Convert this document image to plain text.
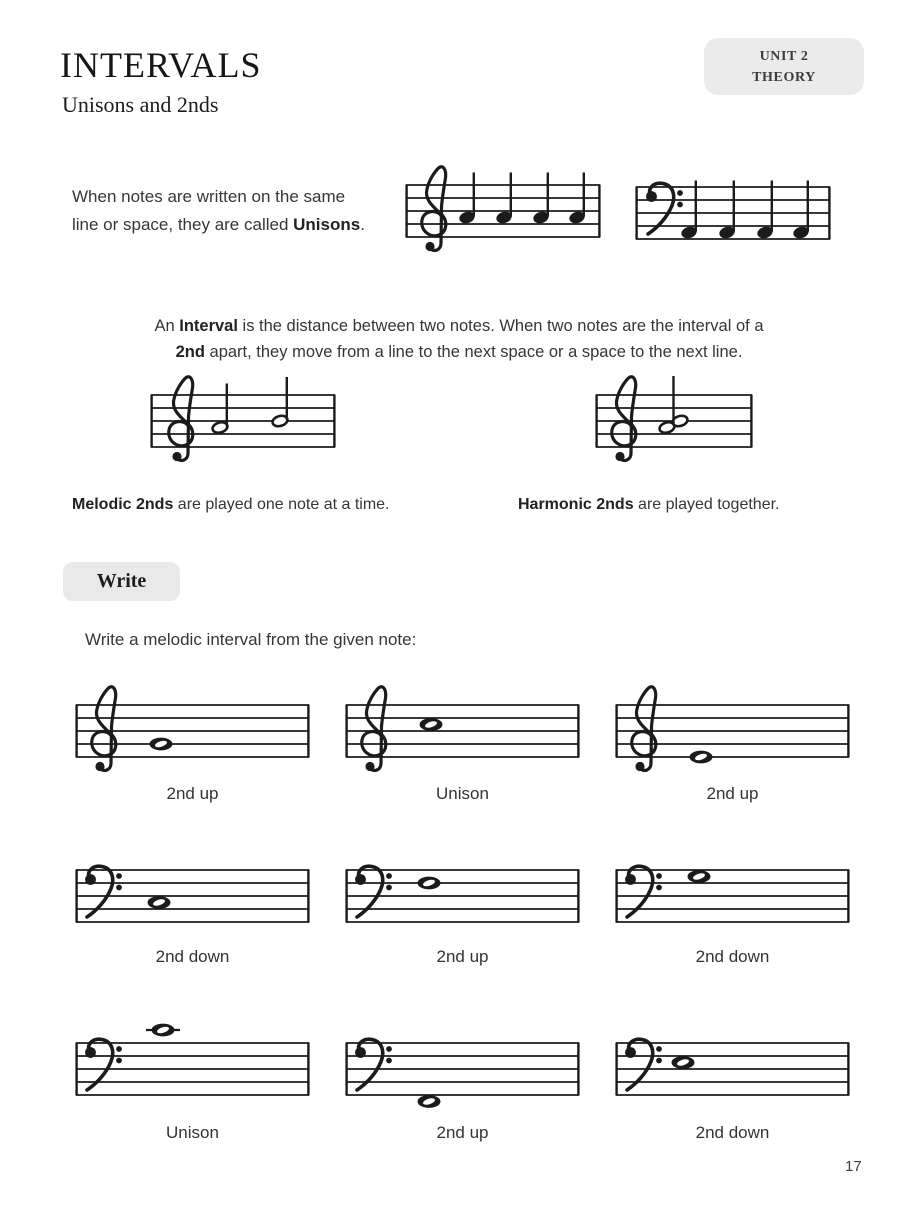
INTERVALS
Unisons and 2nds
UNIT 2
THEORY
When notes are written on the same
line or space, they are called Unisons.
An Interval is the distance between two notes. When two notes are the interval of a
2nd apart, they move from a line to the next space or a space to the next line.
Melodic 2nds are played one note at a time.	Harmonic 2nds are played together.
Write
Write a melodic interval from the given note:
2nd up	Unison	2nd up
2nd down	2nd up	2nd down
Unison	2nd up	2nd down
17
